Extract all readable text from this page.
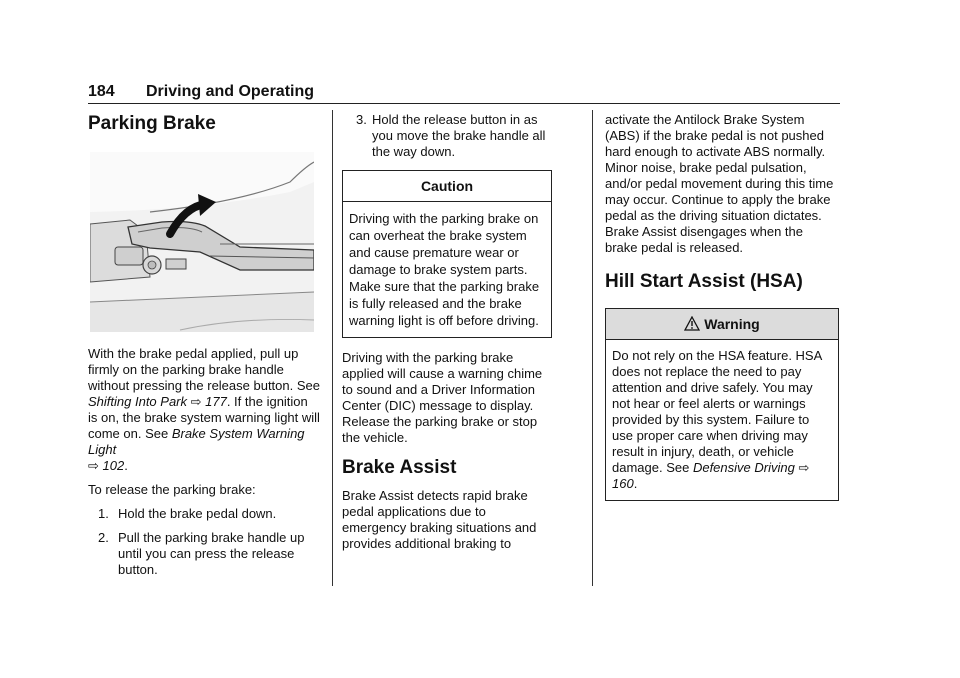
184 Driving and Operating
Parking Brake

With the brake pedal applied, pull up firmly on the parking brake handle without pressing the release button. See Shifting Into Park ⇨ 177. If the ignition is on, the brake system warning light will come on. See Brake System Warning Light
⇨ 102.

To release the parking brake:

1. Hold the brake pedal down.
2. Pull the parking brake handle up until you can press the release button.
3. Hold the release button in as you move the brake handle all the way down.
Caution
Driving with the parking brake on can overheat the brake system and cause premature wear or damage to brake system parts. Make sure that the parking brake is fully released and the brake warning light is off before driving.

Driving with the parking brake applied will cause a warning chime to sound and a Driver Information Center (DIC) message to display. Release the parking brake or stop the vehicle.

Brake Assist

Brake Assist detects rapid brake pedal applications due to emergency braking situations and provides additional braking to

activate the Antilock Brake System (ABS) if the brake pedal is not pushed hard enough to activate ABS normally. Minor noise, brake pedal pulsation, and/or pedal movement during this time may occur. Continue to apply the brake pedal as the driving situation dictates. Brake Assist disengages when the brake pedal is released.

Hill Start Assist (HSA)
Warning
Do not rely on the HSA feature. HSA does not replace the need to pay attention and drive safely. You may not hear or feel alerts or warnings provided by this system. Failure to use proper care when driving may result in injury, death, or vehicle damage. See Defensive Driving ⇨ 160.
